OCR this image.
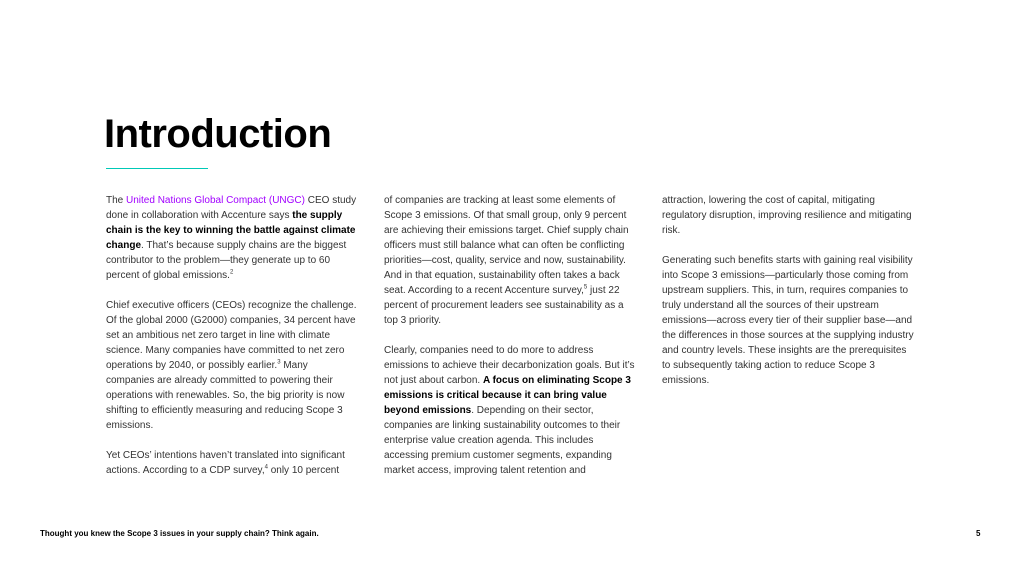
Introduction

The United Nations Global Compact (UNGC) CEO study done in collaboration with Accenture says the supply chain is the key to winning the battle against climate change. That’s because supply chains are the biggest contributor to the problem—they generate up to 60 percent of global emissions.$^2$

Chief executive officers (CEOs) recognize the challenge. Of the global 2000 (G2000) companies, 34 percent have set an ambitious net zero target in line with climate science. Many companies have committed to net zero operations by 2040, or possibly earlier.$^3$ Many companies are already committed to powering their operations with renewables. So, the big priority is now shifting to efficiently measuring and reducing Scope 3 emissions.

Yet CEOs’ intentions haven’t translated into significant actions. According to a CDP survey,$^4$ only 10 percent

of companies are tracking at least some elements of Scope 3 emissions. Of that small group, only 9 percent are achieving their emissions target. Chief supply chain officers must still balance what can often be conflicting priorities—cost, quality, service and now, sustainability. And in that equation, sustainability often takes a back seat. According to a recent Accenture survey,$^5$ just 22 percent of procurement leaders see sustainability as a top 3 priority.

Clearly, companies need to do more to address emissions to achieve their decarbonization goals. But it’s not just about carbon. A focus on eliminating Scope 3 emissions is critical because it can bring value beyond emissions. Depending on their sector, companies are linking sustainability outcomes to their enterprise value creation agenda. This includes accessing premium customer segments, expanding market access, improving talent retention and

attraction, lowering the cost of capital, mitigating regulatory disruption, improving resilience and mitigating risk.

Generating such benefits starts with gaining real visibility into Scope 3 emissions—particularly those coming from upstream suppliers. This, in turn, requires companies to truly understand all the sources of their upstream emissions—across every tier of their supplier base—and the differences in those sources at the supplying industry and country levels. These insights are the prerequisites to subsequently taking action to reduce Scope 3 emissions.

Thought you knew the Scope 3 issues in your supply chain? Think again.	5
